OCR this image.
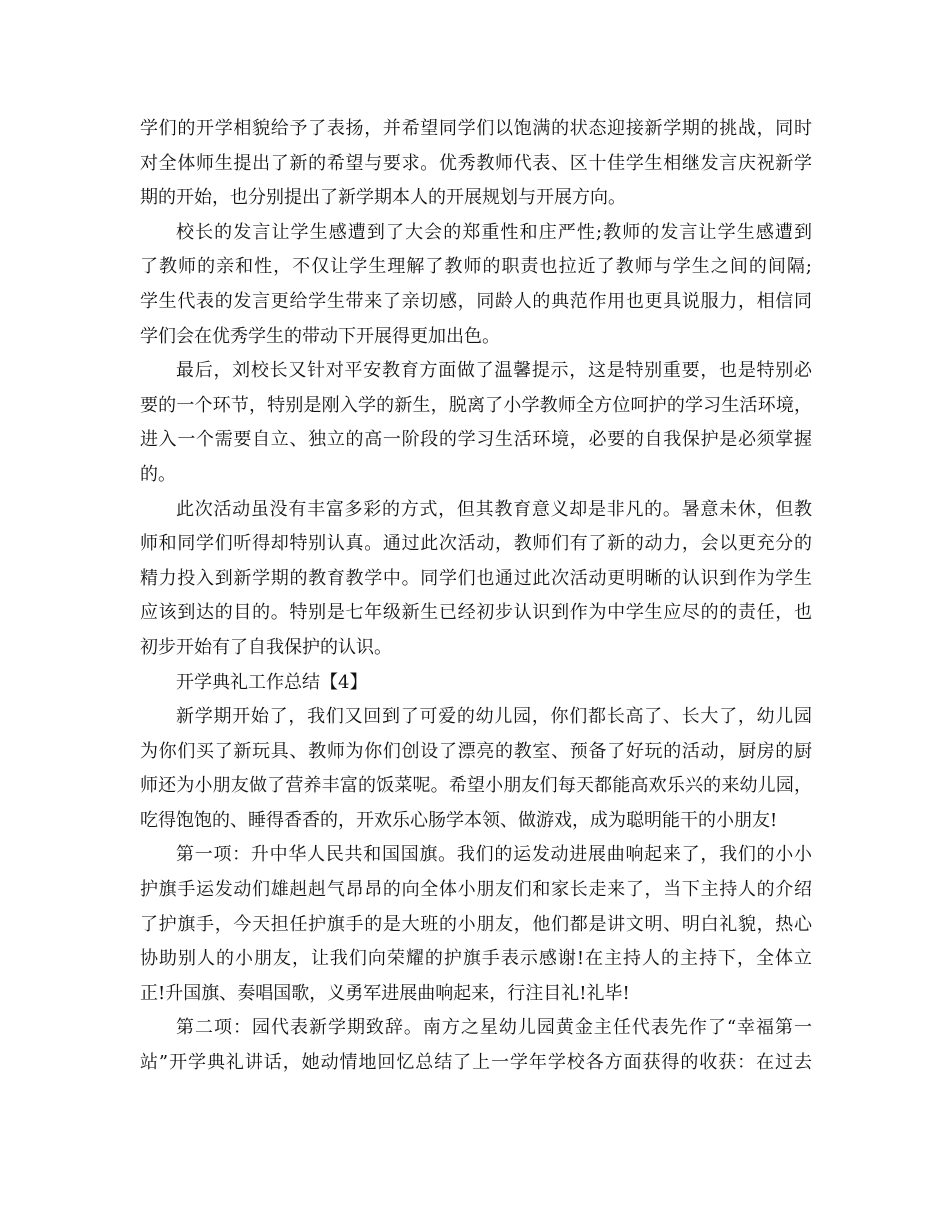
学们的开学相貌给予了表扬，并希望同学们以饱满的状态迎接新学期的挑战，同时
对全体师生提出了新的希望与要求。优秀教师代表、区十佳学生相继发言庆祝新学
期的开始，也分别提出了新学期本人的开展规划与开展方向。
校长的发言让学生感遭到了大会的郑重性和庄严性;教师的发言让学生感遭到
了教师的亲和性，不仅让学生理解了教师的职责也拉近了教师与学生之间的间隔;
学生代表的发言更给学生带来了亲切感，同龄人的典范作用也更具说服力，相信同
学们会在优秀学生的带动下开展得更加出色。
最后，刘校长又针对平安教育方面做了温馨提示，这是特别重要，也是特别必
要的一个环节，特别是刚入学的新生，脱离了小学教师全方位呵护的学习生活环境，
进入一个需要自立、独立的高一阶段的学习生活环境，必要的自我保护是必须掌握
的。
此次活动虽没有丰富多彩的方式，但其教育意义却是非凡的。暑意未休，但教
师和同学们听得却特别认真。通过此次活动，教师们有了新的动力，会以更充分的
精力投入到新学期的教育教学中。同学们也通过此次活动更明晰的认识到作为学生
应该到达的目的。特别是七年级新生已经初步认识到作为中学生应尽的的责任，也
初步开始有了自我保护的认识。
开学典礼工作总结【4】
新学期开始了，我们又回到了可爱的幼儿园，你们都长高了、长大了，幼儿园
为你们买了新玩具、教师为你们创设了漂亮的教室、预备了好玩的活动，厨房的厨
师还为小朋友做了营养丰富的饭菜呢。希望小朋友们每天都能高欢乐兴的来幼儿园，
吃得饱饱的、睡得香香的，开欢乐心肠学本领、做游戏，成为聪明能干的小朋友!
第一项：升中华人民共和国国旗。我们的运发动进展曲响起来了，我们的小小
护旗手运发动们雄赳赳气昂昂的向全体小朋友们和家长走来了，当下主持人的介绍
了护旗手，今天担任护旗手的是大班的小朋友，他们都是讲文明、明白礼貌，热心
协助别人的小朋友，让我们向荣耀的护旗手表示感谢!在主持人的主持下，全体立
正!升国旗、奏唱国歌，义勇军进展曲响起来，行注目礼!礼毕!
第二项：园代表新学期致辞。南方之星幼儿园黄金主任代表先作了“幸福第一
站”开学典礼讲话，她动情地回忆总结了上一学年学校各方面获得的收获：在过去
